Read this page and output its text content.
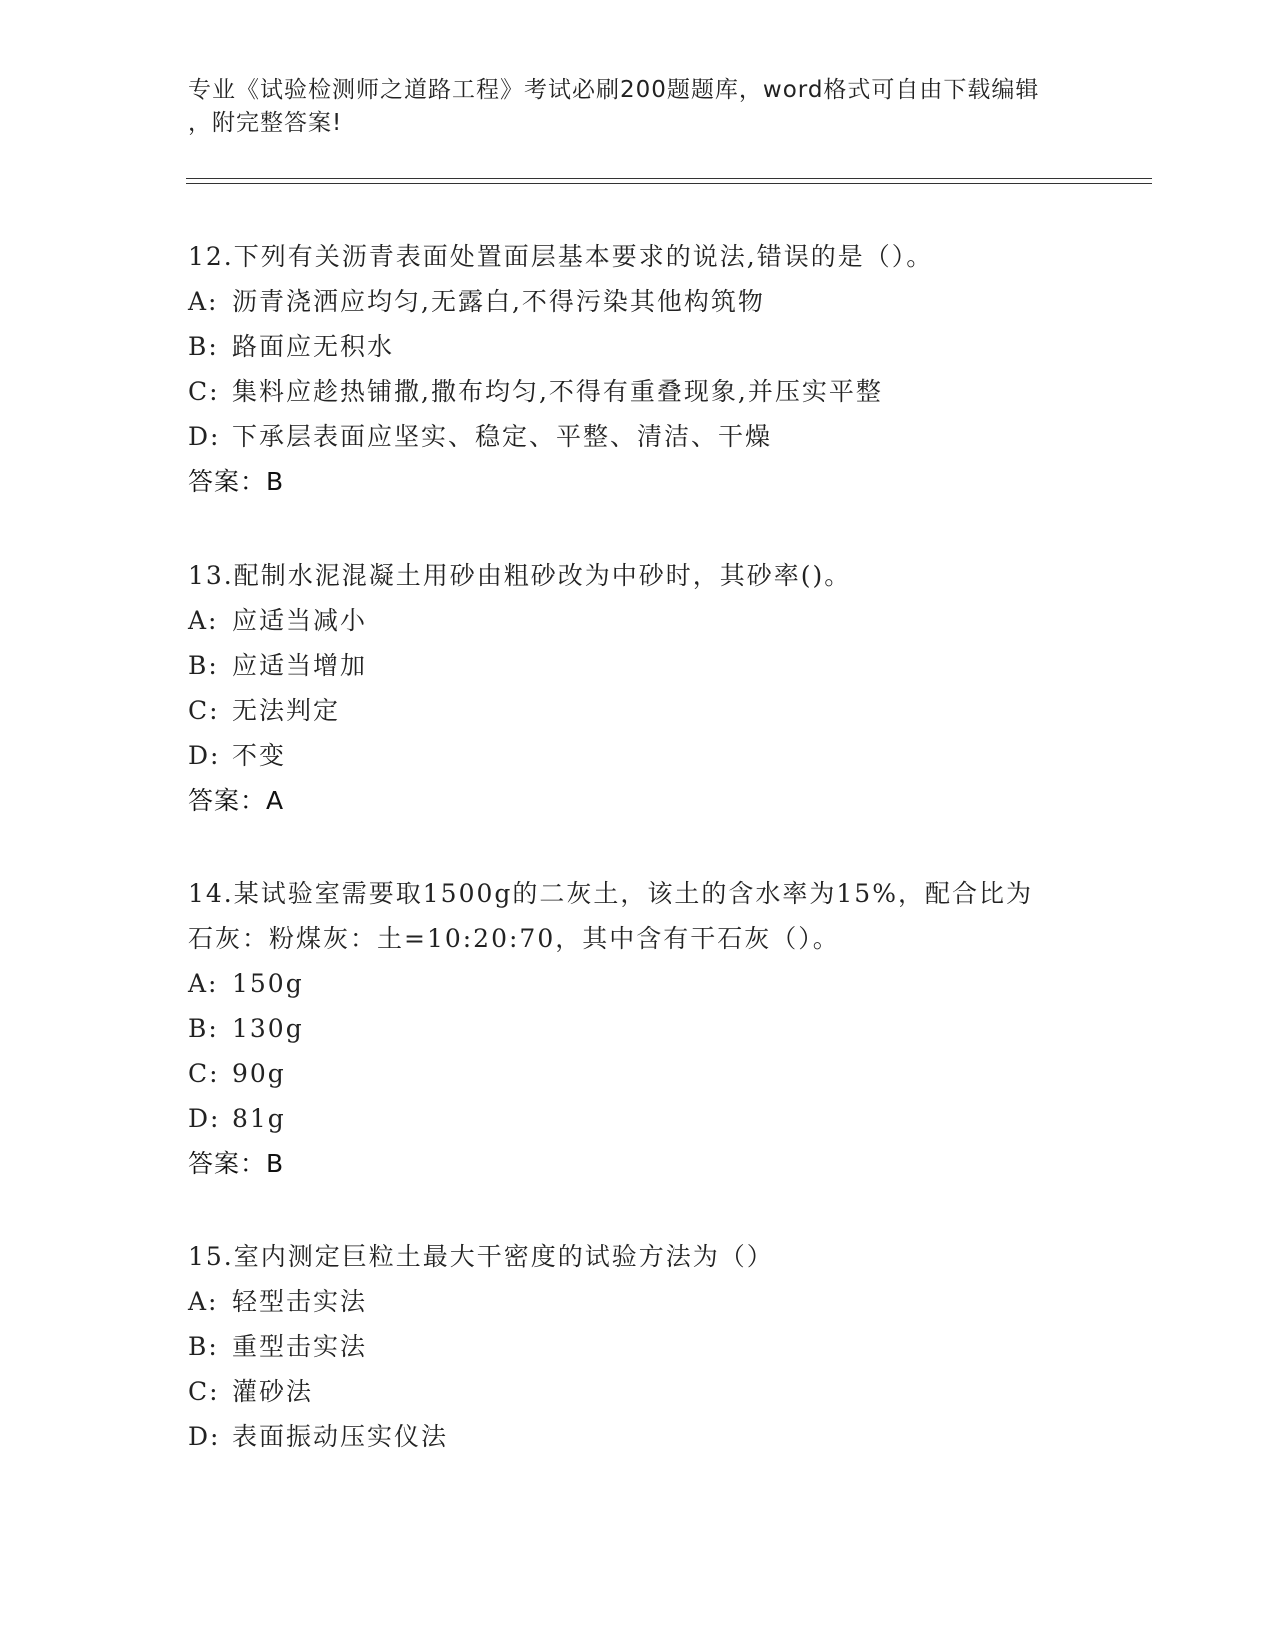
专业《试验检测师之道路工程》考试必刷200题题库，word格式可自由下载编辑
，附完整答案!
12.下列有关沥青表面处置面层基本要求的说法,错误的是（）。
A: 沥青浇洒应均匀,无露白,不得污染其他构筑物
B: 路面应无积水
C: 集料应趁热铺撒,撒布均匀,不得有重叠现象,并压实平整
D: 下承层表面应坚实、稳定、平整、清洁、干燥
答案：B
13.配制水泥混凝土用砂由粗砂改为中砂时，其砂率()。
A: 应适当减小
B: 应适当增加
C: 无法判定
D: 不变
答案：A
14.某试验室需要取1500g的二灰土，该土的含水率为15%，配合比为
石灰：粉煤灰：土=10:20:70，其中含有干石灰（）。
A: 150g
B: 130g
C: 90g
D: 81g
答案：B
15.室内测定巨粒土最大干密度的试验方法为（）
A: 轻型击实法
B: 重型击实法
C: 灌砂法
D: 表面振动压实仪法
